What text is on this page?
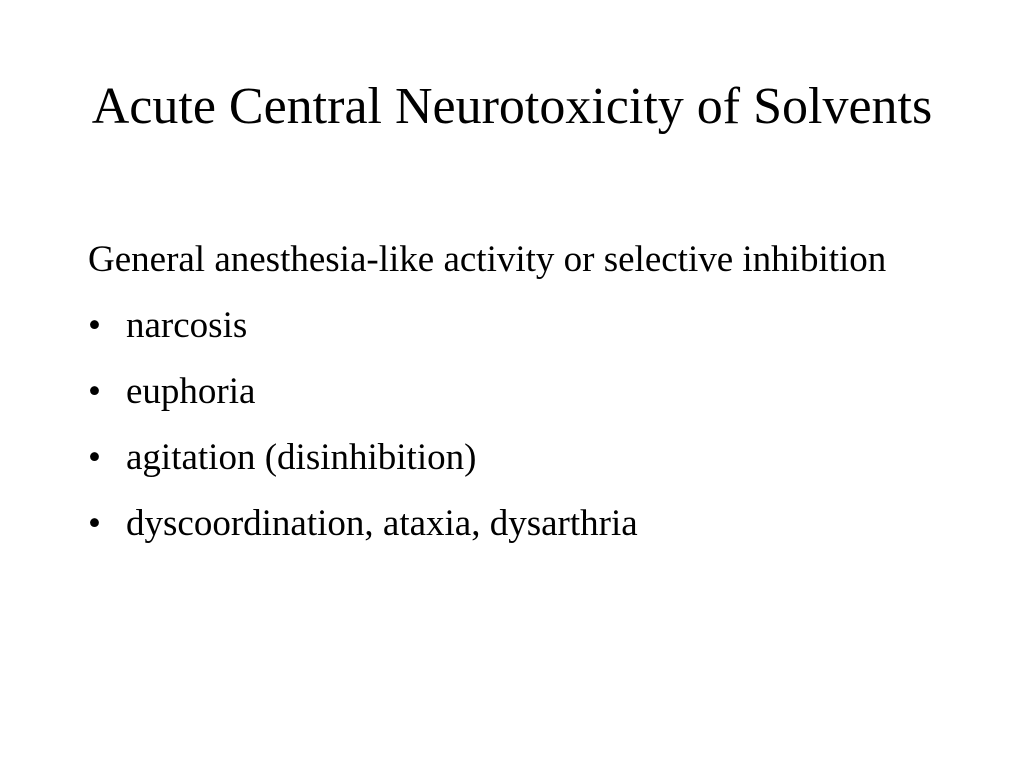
Acute Central Neurotoxicity of Solvents

General anesthesia-like activity or selective inhibition

• narcosis
• euphoria
• agitation (disinhibition)
• dyscoordination, ataxia, dysarthria
